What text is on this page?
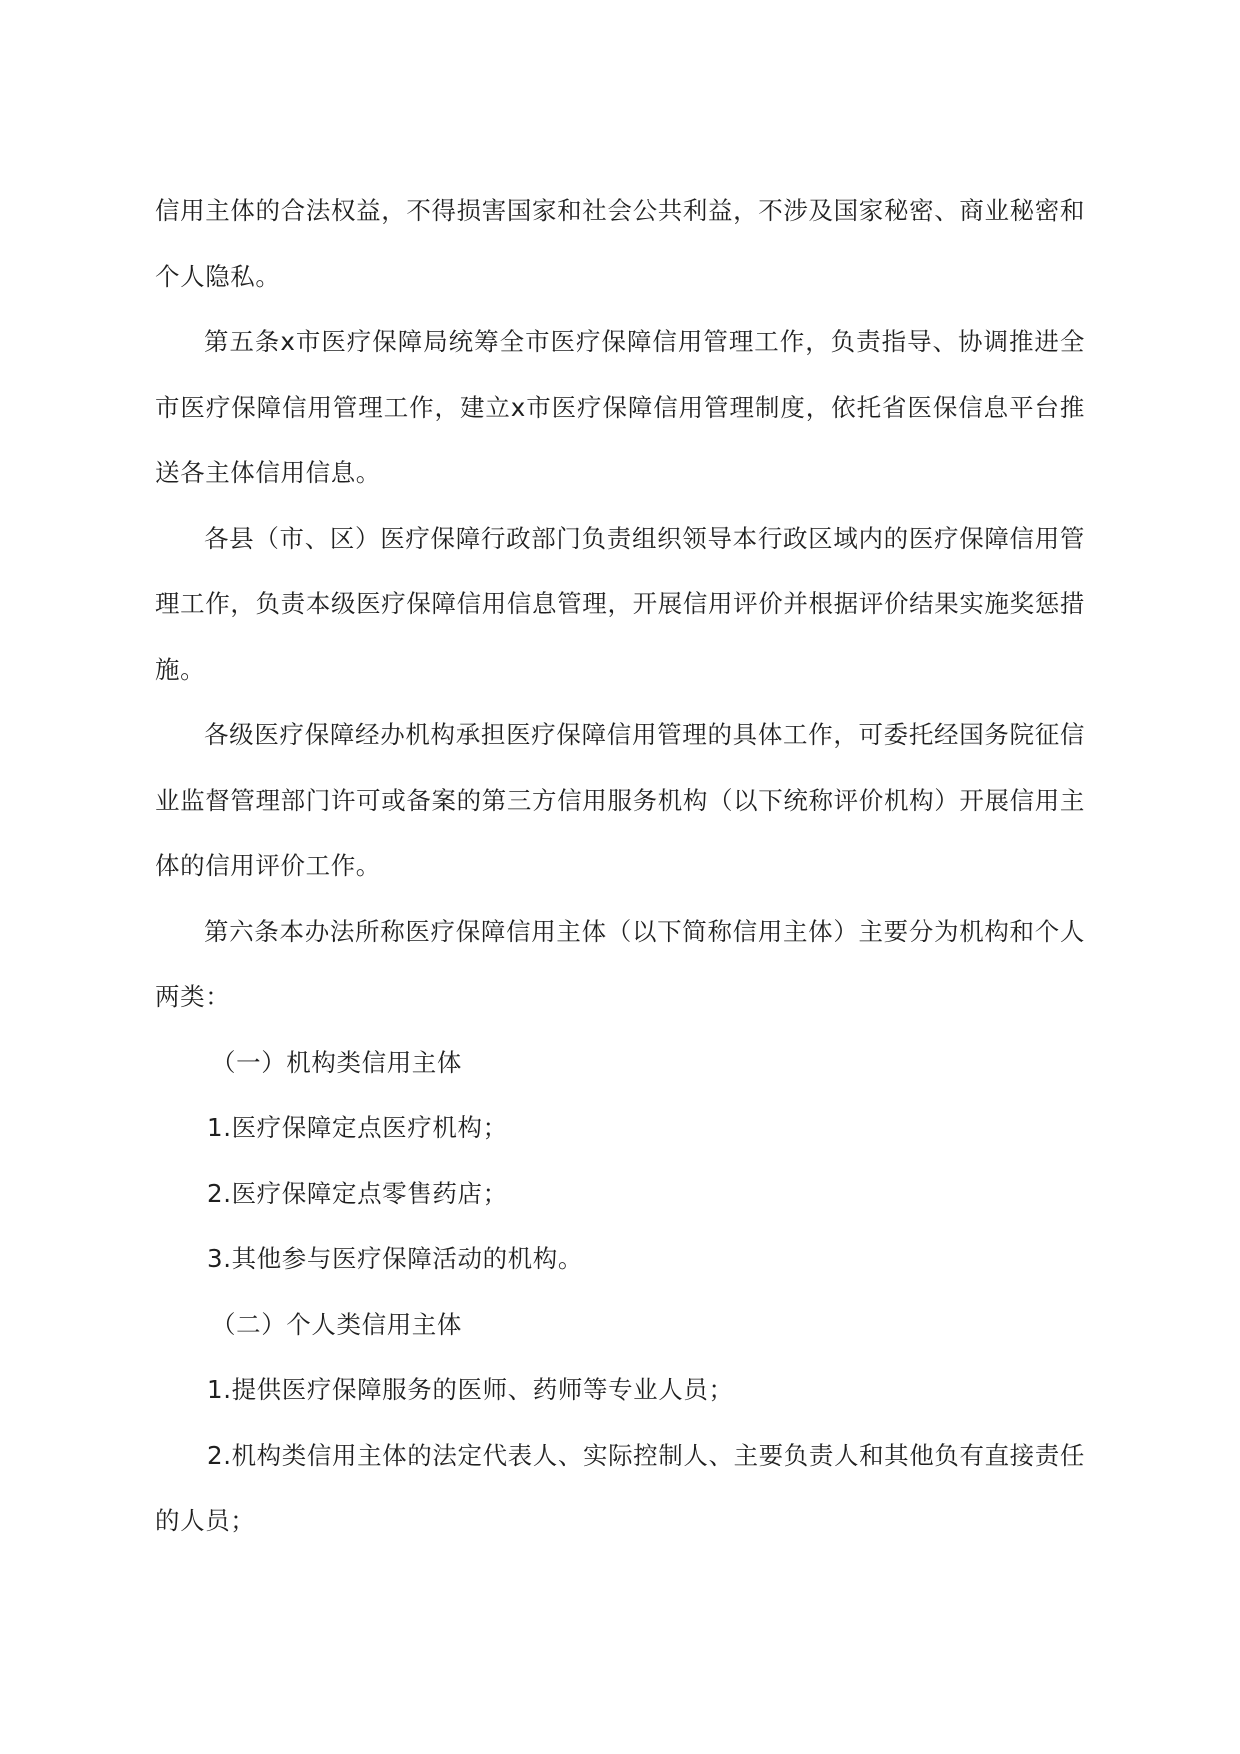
信用主体的合法权益，不得损害国家和社会公共利益，不涉及国家秘密、商业秘密和个人隐私。

第五条x市医疗保障局统筹全市医疗保障信用管理工作，负责指导、协调推进全市医疗保障信用管理工作，建立x市医疗保障信用管理制度，依托省医保信息平台推送各主体信用信息。

各县（市、区）医疗保障行政部门负责组织领导本行政区域内的医疗保障信用管理工作，负责本级医疗保障信用信息管理，开展信用评价并根据评价结果实施奖惩措施。

各级医疗保障经办机构承担医疗保障信用管理的具体工作，可委托经国务院征信业监督管理部门许可或备案的第三方信用服务机构（以下统称评价机构）开展信用主体的信用评价工作。

第六条本办法所称医疗保障信用主体（以下简称信用主体）主要分为机构和个人两类：

（一）机构类信用主体

1.医疗保障定点医疗机构；

2.医疗保障定点零售药店；

3.其他参与医疗保障活动的机构。

（二）个人类信用主体

1.提供医疗保障服务的医师、药师等专业人员；

2.机构类信用主体的法定代表人、实际控制人、主要负责人和其他负有直接责任的人员；
